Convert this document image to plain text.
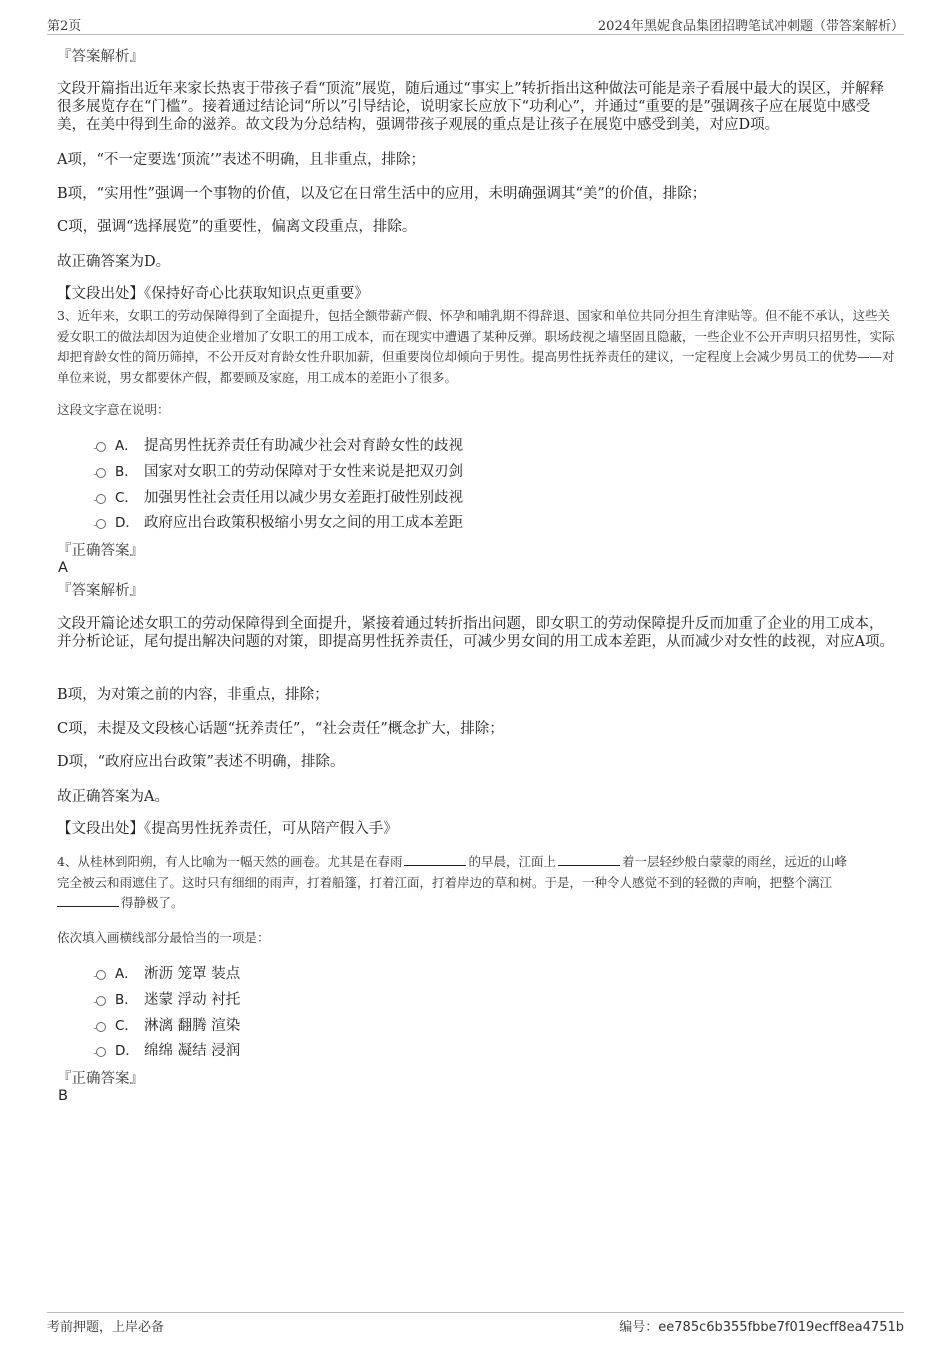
第2页	2024年黑妮食品集团招聘笔试冲刺题（带答案解析）
『答案解析』
文段开篇指出近年来家长热衷于带孩子看“顶流”展览，随后通过“事实上”转折指出这种做法可能是亲子看展中最大的误区，并解释很多展览存在“门槛”。接着通过结论词“所以”引导结论，说明家长应放下“功利心”，并通过“重要的是”强调孩子应在展览中感受美，在美中得到生命的滋养。故文段为分总结构，强调带孩子观展的重点是让孩子在展览中感受到美，对应D项。
A项，“不一定要选‘顶流’”表述不明确，且非重点，排除；
B项，“实用性”强调一个事物的价值，以及它在日常生活中的应用，未明确强调其“美”的价值，排除；
C项，强调“选择展览”的重要性，偏离文段重点，排除。
故正确答案为D。
【文段出处】《保持好奇心比获取知识点更重要》
3、近年来，女职工的劳动保障得到了全面提升，包括全额带薪产假、怀孕和哺乳期不得辞退、国家和单位共同分担生育津贴等。但不能不承认，这些关爱女职工的做法却因为迫使企业增加了女职工的用工成本，而在现实中遭遇了某种反弹。职场歧视之墙坚固且隐蔽，一些企业不公开声明只招男性，实际却把育龄女性的简历筛掉，不公开反对育龄女性升职加薪，但重要岗位却倾向于男性。提高男性抚养责任的建议，一定程度上会减少男员工的优势——对单位来说，男女都要休产假，都要顾及家庭，用工成本的差距小了很多。
这段文字意在说明：
A． 提高男性抚养责任有助减少社会对育龄女性的歧视
B． 国家对女职工的劳动保障对于女性来说是把双刃剑
C． 加强男性社会责任用以减少男女差距打破性别歧视
D． 政府应出台政策积极缩小男女之间的用工成本差距
『正确答案』
A
『答案解析』
文段开篇论述女职工的劳动保障得到全面提升，紧接着通过转折指出问题，即女职工的劳动保障提升反而加重了企业的用工成本，并分析论证，尾句提出解决问题的对策，即提高男性抚养责任，可减少男女间的用工成本差距，从而减少对女性的歧视，对应A项。
B项，为对策之前的内容，非重点，排除；
C项，未提及文段核心话题“抚养责任”，“社会责任”概念扩大，排除；
D项，“政府应出台政策”表述不明确，排除。
故正确答案为A。
【文段出处】《提高男性抚养责任，可从陪产假入手》
4、从桂林到阳朔，有人比喻为一幅天然的画卷。尤其是在春雨	的早晨，江面上	着一层轻纱般白蒙蒙的雨丝，远近的山峰
完全被云和雨遮住了。这时只有细细的雨声，打着船篷，打着江面，打着岸边的草和树。于是，一种令人感觉不到的轻微的声响，把整个漓江
得静极了。
依次填入画横线部分最恰当的一项是：
A． 淅沥 笼罩 装点
B． 迷蒙 浮动 衬托
C． 淋漓 翻腾 渲染
D． 绵绵 凝结 浸润
『正确答案』
B
考前押题，上岸必备	编号：ee785c6b355fbbe7f019ecff8ea4751b
